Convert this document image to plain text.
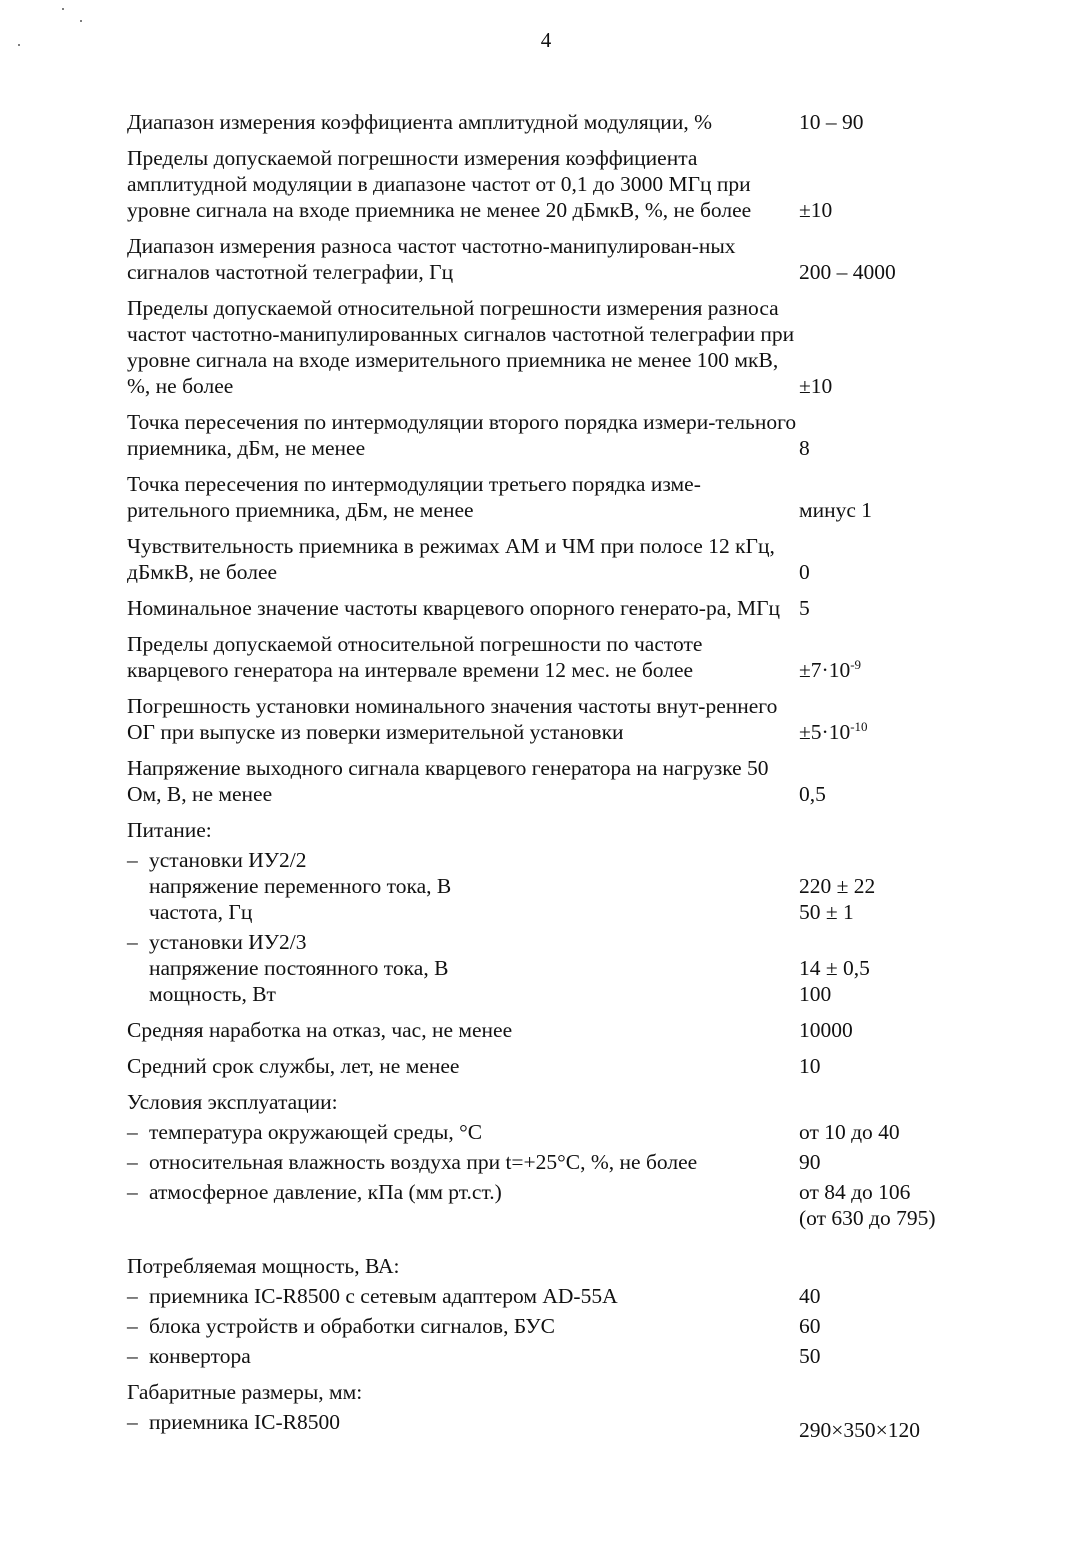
4
Диапазон измерения коэффициента амплитудной модуляции, %	10 – 90
Пределы допускаемой погрешности измерения коэффициента амплитудной модуляции в диапазоне частот от 0,1 до 3000 МГц при уровне сигнала на входе приемника не менее 20 дБмкВ, %, не более	±10
Диапазон измерения разноса частот частотно-манипулирован-ных сигналов частотной телеграфии, Гц	200 – 4000
Пределы допускаемой относительной погрешности измерения разноса частот частотно-манипулированных сигналов частотной телеграфии при уровне сигнала на входе измерительного приемника не менее 100 мкВ, %, не более	±10
Точка пересечения по интермодуляции второго порядка измери-тельного приемника, дБм, не менее	8
Точка пересечения по интермодуляции третьего порядка изме-рительного приемника, дБм, не менее	минус 1
Чувствительность приемника в режимах АМ и ЧМ при полосе 12 кГц, дБмкВ, не более	0
Номинальное значение частоты кварцевого опорного генерато-ра, МГц 5
Пределы допускаемой относительной погрешности по частоте кварцевого генератора на интервале времени 12 мес. не более	$\pm 7\cdot 10^{-9}$
Погрешность установки номинального значения частоты внут-реннего ОГ при выпуске из поверки измерительной установки	$\pm 5\cdot 10^{-10}$
Напряжение выходного сигнала кварцевого генератора на нагрузке 50 Ом, В, не менее	0,5
Питание:
– установки ИУ2/2
напряжение переменного тока, В	220 ± 22
частота, Гц	50 ± 1
– установки ИУ2/3
напряжение постоянного тока, В	14 ± 0,5
мощность, Вт	100
Средняя наработка на отказ, час, не менее	10000
Средний срок службы, лет, не менее	10
Условия эксплуатации:
– температура окружающей среды, °С	от 10 до 40
– относительная влажность воздуха при t=+25°С, %, не более	90
– атмосферное давление, кПа (мм рт.ст.)	от 84 до 106
(от 630 до 795)
Потребляемая мощность, ВА:
– приемника IC-R8500 с сетевым адаптером AD-55A	40
– блока устройств и обработки сигналов, БУС	60
– конвертора	50
Габаритные размеры, мм:
– приемника IC-R8500	290×350×120
